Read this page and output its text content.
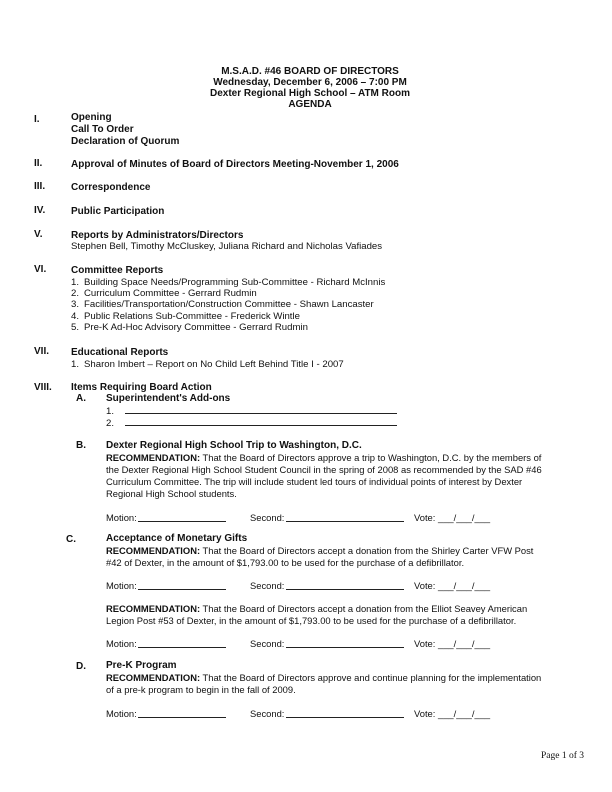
M.S.A.D. #46 BOARD OF DIRECTORS
Wednesday, December 6, 2006 – 7:00 PM
Dexter Regional High School – ATM Room
AGENDA
I.	Opening
Call To Order
Declaration of Quorum
II.	Approval of Minutes of Board of Directors Meeting-November 1, 2006
III.	Correspondence
IV.	Public Participation
V.	Reports by Administrators/Directors
Stephen Bell, Timothy McCluskey, Juliana Richard and Nicholas Vafiades
VI. Committee Reports
1. Building Space Needs/Programming Sub-Committee - Richard McInnis
2. Curriculum Committee - Gerrard Rudmin
3. Facilities/Transportation/Construction Committee - Shawn Lancaster
4. Public Relations Sub-Committee - Frederick Wintle
5. Pre-K Ad-Hoc Advisory Committee - Gerrard Rudmin
VII. Educational Reports
1. Sharon Imbert – Report on No Child Left Behind Title I - 2007
VIII. Items Requiring Board Action
A. Superintendent's Add-ons
1.
2.
B. Dexter Regional High School Trip to Washington, D.C.
RECOMMENDATION: That the Board of Directors approve a trip to Washington, D.C. by the members of the Dexter Regional High School Student Council in the spring of 2008 as recommended by the SAD #46 Curriculum Committee. The trip will include student led tours of individual points of interest by Dexter Regional High School students.
Motion:	Second:	Vote: ___/___/___
C.	Acceptance of Monetary Gifts
RECOMMENDATION: That the Board of Directors accept a donation from the Shirley Carter VFW Post #42 of Dexter, in the amount of $1,793.00 to be used for the purchase of a defibrillator.
Motion:	Second:	Vote: ___/___/___
RECOMMENDATION: That the Board of Directors accept a donation from the Elliot Seavey American Legion Post #53 of Dexter, in the amount of $1,793.00 to be used for the purchase of a defibrillator.
Motion:	Second:	Vote: ___/___/___
D. Pre-K Program
RECOMMENDATION: That the Board of Directors approve and continue planning for the implementation of a pre-k program to begin in the fall of 2009.
Motion:	Second:	Vote: ___/___/___
Page 1 of 3
